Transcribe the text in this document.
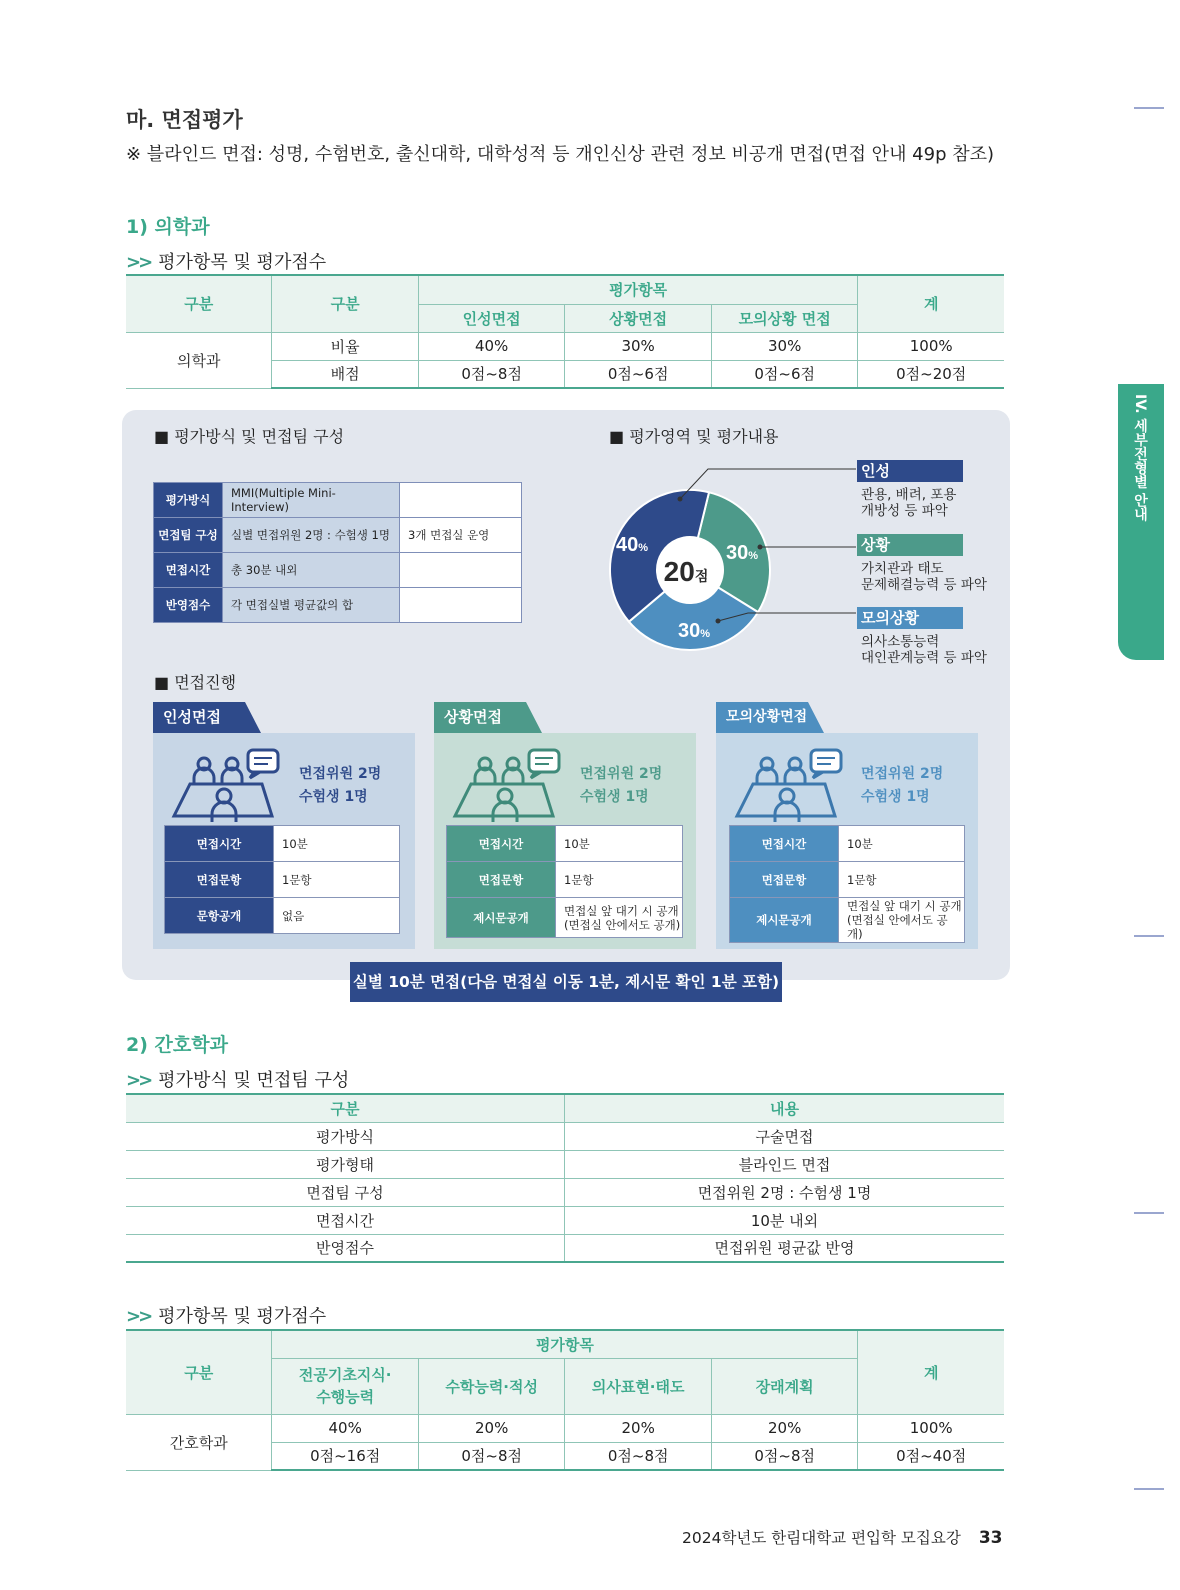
IV. 세부전형별 안내
마. 면접평가
※ 블라인드 면접: 성명, 수험번호, 출신대학, 대학성적 등 개인신상 관련 정보 비공개 면접(면접 안내 49p 참조)
1) 의학과
>> 평가항목 및 평가점수
구분	구분	평가항목			계
		인성면접	상황면접	모의상황 면접	
의학과	비율	40%	30%	30%	100%
	배점	0점~8점	0점~6점	0점~6점	0점~20점
■ 평가방식 및 면접팀 구성	■ 평가영역 및 평가내용
평가방식	MMI(Multiple Mini-Interview)	
면접팀 구성	실별 면접위원 2명 : 수험생 1명	3개 면접실 운영
면접시간	총 30분 내외	
반영점수	각 면접실별 평균값의 합	
20점
40%	30%
30%
인성
관용, 배려, 포용
개방성 등 파악
상황
가치관과 태도
문제해결능력 등 파악
모의상황
의사소통능력
대인관계능력 등 파악
■ 면접진행
인성면접
면접위원 2명
수험생 1명
면접시간	10분
면접문항	1문항
문항공개	없음
상황면접
면접위원 2명
수험생 1명
면접시간	10분
면접문항	1문항
제시문공개	면접실 앞 대기 시 공개
(면접실 안에서도 공개)
모의상황면접
면접위원 2명
수험생 1명
면접시간	10분
면접문항	1문항
제시문공개	면접실 앞 대기 시 공개
(면접실 안에서도 공개)
실별 10분 면접(다음 면접실 이동 1분, 제시문 확인 1분 포함)
2) 간호학과
>> 평가방식 및 면접팀 구성
구분	내용
평가방식	구술면접
평가형태	블라인드 면접
면접팀 구성	면접위원 2명 : 수험생 1명
면접시간	10분 내외
반영점수	면접위원 평균값 반영
>> 평가항목 및 평가점수
구분	평가항목				계

	전공기초지식·
수행능력	수학능력·적성	의사표현·태도	장래계획	
간호학과	40%	20%	20%	20%	100%
	0점~16점	0점~8점	0점~8점	0점~8점	0점~40점
2024학년도 한림대학교 편입학 모집요강 33
